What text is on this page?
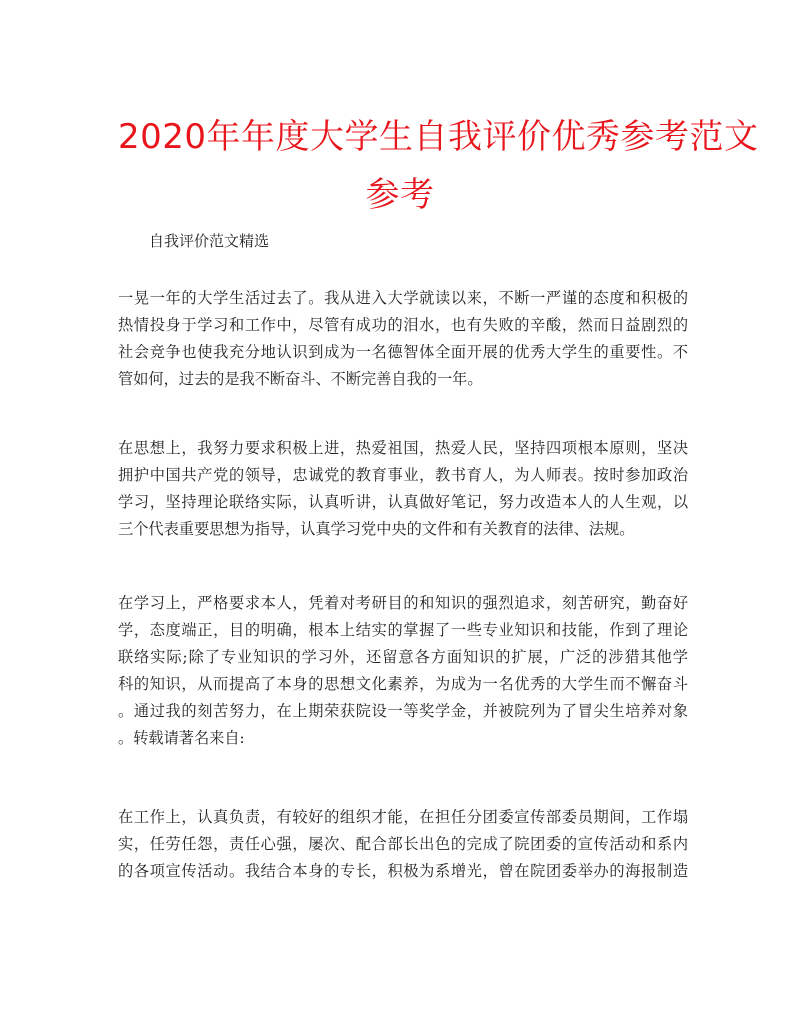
2020年年度大学生自我评价优秀参考范文
参考
自我评价范文精选

一晃一年的大学生活过去了。我从进入大学就读以来，不断一严谨的态度和积极的
热情投身于学习和工作中，尽管有成功的泪水，也有失败的辛酸，然而日益剧烈的
社会竞争也使我充分地认识到成为一名德智体全面开展的优秀大学生的重要性。不
管如何，过去的是我不断奋斗、不断完善自我的一年。

在思想上，我努力要求积极上进，热爱祖国，热爱人民，坚持四项根本原则，坚决
拥护中国共产党的领导，忠诚党的教育事业，教书育人，为人师表。按时参加政治
学习，坚持理论联络实际，认真听讲，认真做好笔记，努力改造本人的人生观，以
三个代表重要思想为指导，认真学习党中央的文件和有关教育的法律、法规。

在学习上，严格要求本人，凭着对考研目的和知识的强烈追求，刻苦研究，勤奋好
学，态度端正，目的明确，根本上结实的掌握了一些专业知识和技能，作到了理论
联络实际;除了专业知识的学习外，还留意各方面知识的扩展，广泛的涉猎其他学
科的知识，从而提高了本身的思想文化素养，为成为一名优秀的大学生而不懈奋斗
。通过我的刻苦努力，在上期荣获院设一等奖学金，并被院列为了冒尖生培养对象
。转载请著名来自:

在工作上，认真负责，有较好的组织才能，在担任分团委宣传部委员期间，工作塌
实，任劳任怨，责任心强，屡次、配合部长出色的完成了院团委的宣传活动和系内
的各项宣传活动。我结合本身的专长，积极为系增光，曾在院团委举办的海报制造
